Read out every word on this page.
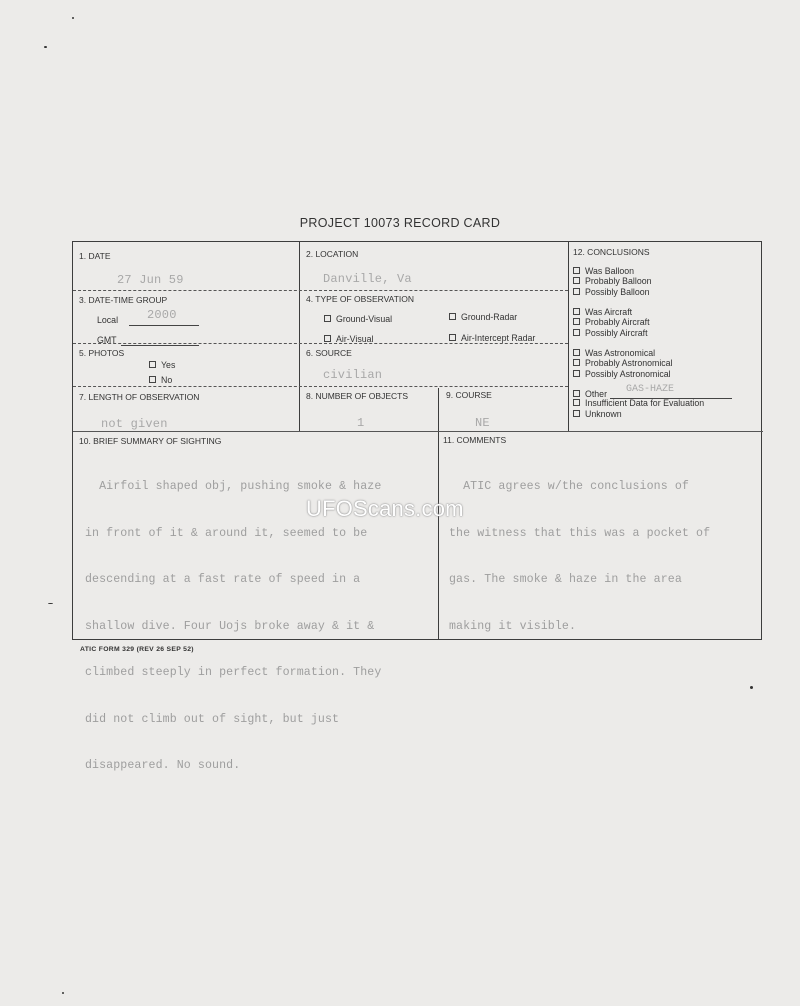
PROJECT 10073 RECORD CARD
1. DATE
27 Jun 59
2. LOCATION
Danville, Va
3. DATE-TIME GROUP
Local 2000
GMT
4. TYPE OF OBSERVATION
Ground-Visual	Ground-Radar
Air-Visual	Air-Intercept Radar
5. PHOTOS
Yes
No
6. SOURCE
civilian
7. LENGTH OF OBSERVATION
not given
8. NUMBER OF OBJECTS
1
9. COURSE
NE
10. BRIEF SUMMARY OF SIGHTING

Airfoil shaped obj, pushing smoke & haze

in front of it & around it, seemed to be

descending at a fast rate of speed in a

shallow dive. Four Uojs broke away & it &

climbed steeply in perfect formation. They

did not climb out of sight, but just

disappeared. No sound.

11. COMMENTS

ATIC agrees w/the conclusions of

the witness that this was a pocket of

gas. The smoke & haze in the area

making it visible.

12. CONCLUSIONS
Was Balloon
Probably Balloon
Possibly Balloon
Was Aircraft
Probably Aircraft
Possibly Aircraft
Was Astronomical
Probably Astronomical
Possibly Astronomical
Other GAS-HAZE

Insufficient Data for Evaluation
Unknown
ATIC FORM 329 (REV 26 SEP 52)
UFOScans.com
